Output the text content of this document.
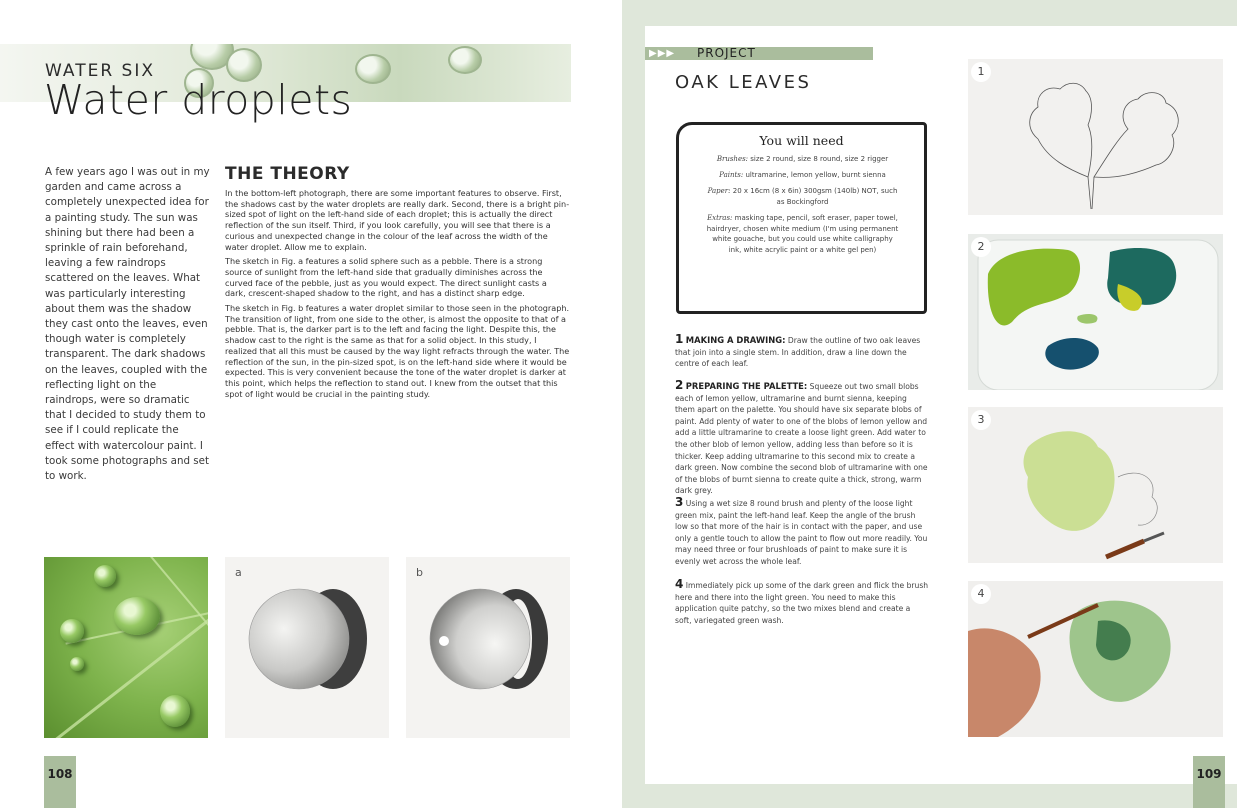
WATER SIX
Water droplets
A few years ago I was out in my garden and came across a completely unexpected idea for a painting study. The sun was shining but there had been a sprinkle of rain beforehand, leaving a few raindrops scattered on the leaves. What was particularly interesting about them was the shadow they cast onto the leaves, even though water is completely transparent. The dark shadows on the leaves, coupled with the reflecting light on the raindrops, were so dramatic that I decided to study them to see if I could replicate the effect with watercolour paint. I took some photographs and set to work.
THE THEORY

In the bottom-left photograph, there are some important features to observe. First, the shadows cast by the water droplets are really dark. Second, there is a bright pin-sized spot of light on the left-hand side of each droplet; this is actually the direct reflection of the sun itself. Third, if you look carefully, you will see that there is a curious and unexpected change in the colour of the leaf across the width of the water droplet. Allow me to explain.

The sketch in Fig. a features a solid sphere such as a pebble. There is a strong source of sunlight from the left-hand side that gradually diminishes across the curved face of the pebble, just as you would expect. The direct sunlight casts a dark, crescent-shaped shadow to the right, and has a distinct sharp edge.

The sketch in Fig. b features a water droplet similar to those seen in the photograph. The transition of light, from one side to the other, is almost the opposite to that of a pebble. That is, the darker part is to the left and facing the light. Despite this, the shadow cast to the right is the same as that for a solid object. In this study, I realized that all this must be caused by the way light refracts through the water. The reflection of the sun, in the pin-sized spot, is on the left-hand side where it would be expected. This is very convenient because the tone of the water droplet is darker at this point, which helps the reflection to stand out. I knew from the outset that this spot of light would be crucial in the painting study.

a	b
108
▶▶▶ PROJECT
OAK LEAVES
You will need
Brushes: size 2 round, size 8 round, size 2 rigger
Paints: ultramarine, lemon yellow, burnt sienna
Paper: 20 x 16cm (8 x 6in) 300gsm (140lb) NOT, such as Bockingford
Extras: masking tape, pencil, soft eraser, paper towel, hairdryer, chosen white medium (I'm using permanent white gouache, but you could use white calligraphy ink, white acrylic paint or a white gel pen)
1 MAKING A DRAWING: Draw the outline of two oak leaves that join into a single stem. In addition, draw a line down the centre of each leaf.
2 PREPARING THE PALETTE: Squeeze out two small blobs each of lemon yellow, ultramarine and burnt sienna, keeping them apart on the palette. You should have six separate blobs of paint. Add plenty of water to one of the blobs of lemon yellow and add a little ultramarine to create a loose light green. Add water to the other blob of lemon yellow, adding less than before so it is thicker. Keep adding ultramarine to this second mix to create a dark green. Now combine the second blob of ultramarine with one of the blobs of burnt sienna to create quite a thick, strong, warm dark grey.
3 Using a wet size 8 round brush and plenty of the loose light green mix, paint the left-hand leaf. Keep the angle of the brush low so that more of the hair is in contact with the paper, and use only a gentle touch to allow the paint to flow out more readily. You may need three or four brushloads of paint to make sure it is evenly wet across the whole leaf.
4 Immediately pick up some of the dark green and flick the brush here and there into the light green. You need to make this application quite patchy, so the two mixes blend and create a soft, variegated green wash.
1
2
3
4
109
